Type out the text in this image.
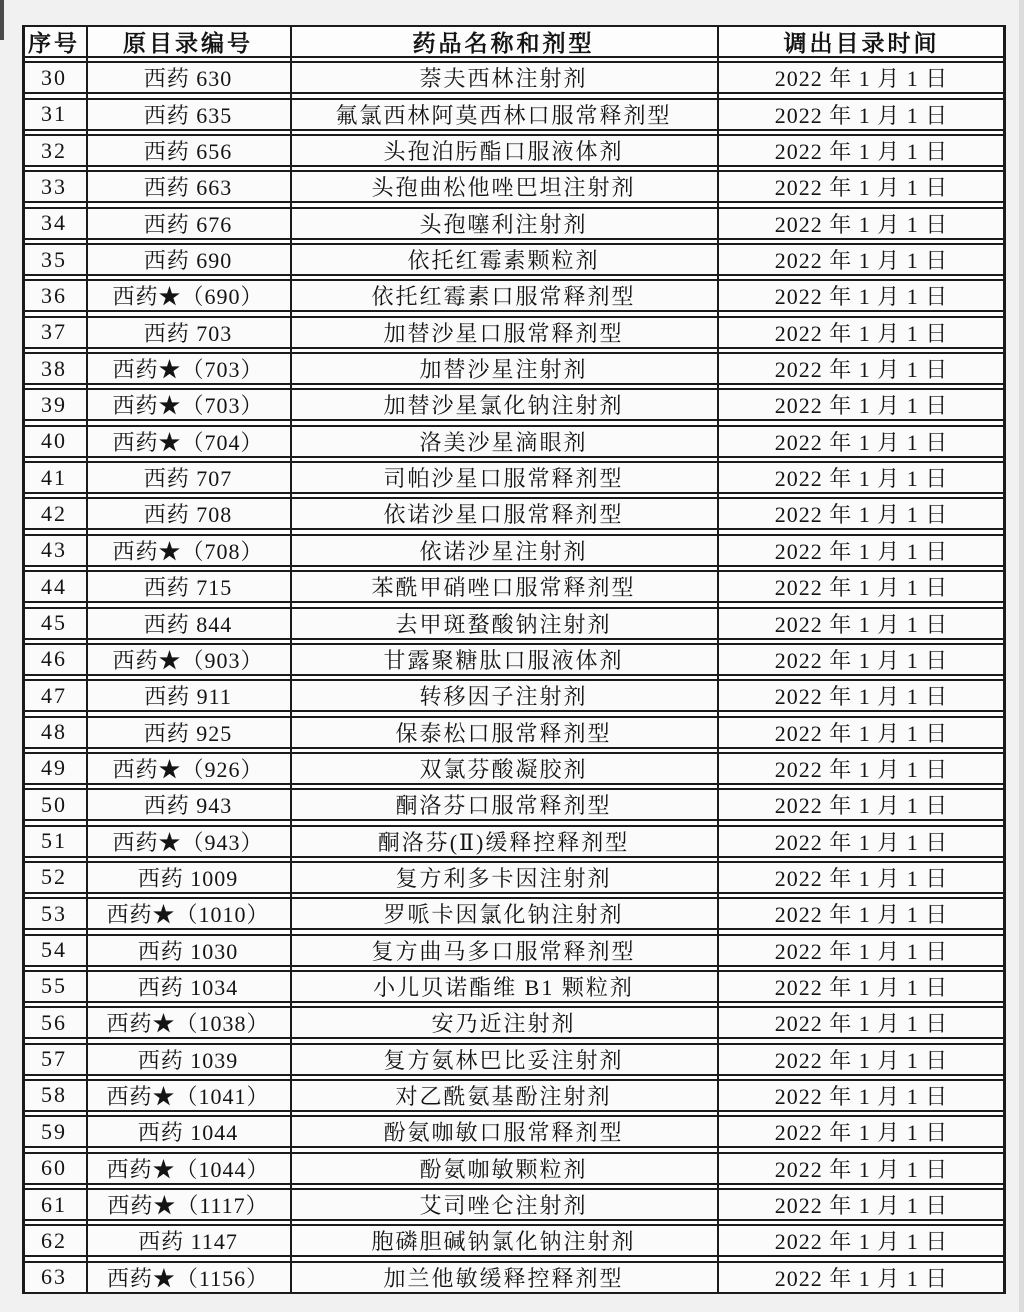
序号	原目录编号	药品名称和剂型	调出目录时间
30	西药 630	萘夫西林注射剂	2022 年 1 月 1 日
31	西药 635	氟氯西林阿莫西林口服常释剂型	2022 年 1 月 1 日
32	西药 656	头孢泊肟酯口服液体剂	2022 年 1 月 1 日
33	西药 663	头孢曲松他唑巴坦注射剂	2022 年 1 月 1 日
34	西药 676	头孢噻利注射剂	2022 年 1 月 1 日
35	西药 690	依托红霉素颗粒剂	2022 年 1 月 1 日
36	西药★（690）	依托红霉素口服常释剂型	2022 年 1 月 1 日
37	西药 703	加替沙星口服常释剂型	2022 年 1 月 1 日
38	西药★（703）	加替沙星注射剂	2022 年 1 月 1 日
39	西药★（703）	加替沙星氯化钠注射剂	2022 年 1 月 1 日
40	西药★（704）	洛美沙星滴眼剂	2022 年 1 月 1 日
41	西药 707	司帕沙星口服常释剂型	2022 年 1 月 1 日
42	西药 708	依诺沙星口服常释剂型	2022 年 1 月 1 日
43	西药★（708）	依诺沙星注射剂	2022 年 1 月 1 日
44	西药 715	苯酰甲硝唑口服常释剂型	2022 年 1 月 1 日
45	西药 844	去甲斑蝥酸钠注射剂	2022 年 1 月 1 日
46	西药★（903）	甘露聚糖肽口服液体剂	2022 年 1 月 1 日
47	西药 911	转移因子注射剂	2022 年 1 月 1 日
48	西药 925	保泰松口服常释剂型	2022 年 1 月 1 日
49	西药★（926）	双氯芬酸凝胶剂	2022 年 1 月 1 日
50	西药 943	酮洛芬口服常释剂型	2022 年 1 月 1 日
51	西药★（943）	酮洛芬(Ⅱ)缓释控释剂型	2022 年 1 月 1 日
52	西药 1009	复方利多卡因注射剂	2022 年 1 月 1 日
53	西药★（1010）	罗哌卡因氯化钠注射剂	2022 年 1 月 1 日
54	西药 1030	复方曲马多口服常释剂型	2022 年 1 月 1 日
55	西药 1034	小儿贝诺酯维 B1 颗粒剂	2022 年 1 月 1 日
56	西药★（1038）	安乃近注射剂	2022 年 1 月 1 日
57	西药 1039	复方氨林巴比妥注射剂	2022 年 1 月 1 日
58	西药★（1041）	对乙酰氨基酚注射剂	2022 年 1 月 1 日
59	西药 1044	酚氨咖敏口服常释剂型	2022 年 1 月 1 日
60	西药★（1044）	酚氨咖敏颗粒剂	2022 年 1 月 1 日
61	西药★（1117）	艾司唑仑注射剂	2022 年 1 月 1 日
62	西药 1147	胞磷胆碱钠氯化钠注射剂	2022 年 1 月 1 日
63	西药★（1156）	加兰他敏缓释控释剂型	2022 年 1 月 1 日
